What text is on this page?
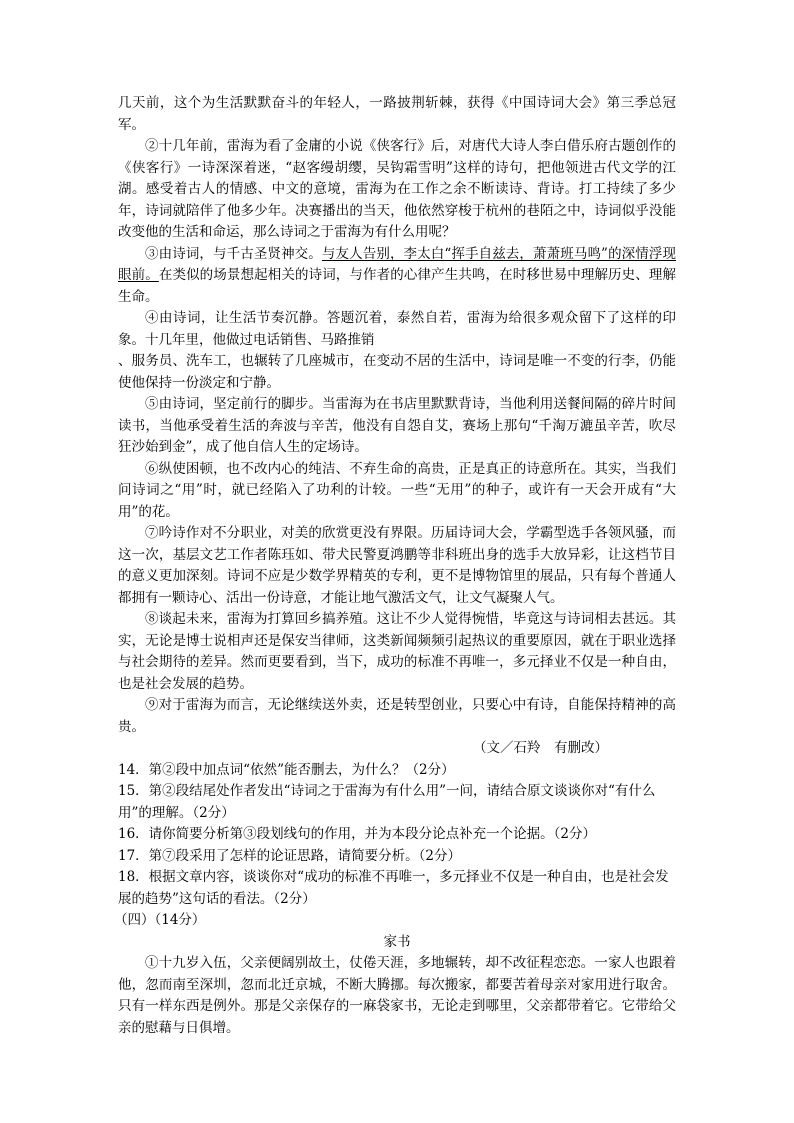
几天前，这个为生活默默奋斗的年轻人，一路披荆斩棘，获得《中国诗词大会》第三季总冠军。

②十几年前，雷海为看了金庸的小说《侠客行》后，对唐代大诗人李白借乐府古题创作的《侠客行》一诗深深着迷，“赵客缦胡缨，吴钩霜雪明”这样的诗句，把他领进古代文学的江湖。感受着古人的情感、中文的意境，雷海为在工作之余不断读诗、背诗。打工持续了多少年，诗词就陪伴了他多少年。决赛播出的当天，他依然穿梭于杭州的巷陌之中，诗词似乎没能改变他的生活和命运，那么诗词之于雷海为有什么用呢？

③由诗词，与千古圣贤神交。与友人告别，李太白“挥手自兹去，萧萧班马鸣”的深情浮现眼前。在类似的场景想起相关的诗词，与作者的心律产生共鸣，在时移世易中理解历史、理解生命。

④由诗词，让生活节奏沉静。答题沉着，泰然自若，雷海为给很多观众留下了这样的印象。十几年里，他做过电话销售、马路推销

、服务员、洗车工，也辗转了几座城市，在变动不居的生活中，诗词是唯一不变的行李，仍能使他保持一份淡定和宁静。

⑤由诗词，坚定前行的脚步。当雷海为在书店里默默背诗，当他利用送餐间隔的碎片时间读书，当他承受着生活的奔波与辛苦，他没有自怨自艾，赛场上那句“千淘万漉虽辛苦，吹尽狂沙始到金”，成了他自信人生的定场诗。

⑥纵使困顿，也不改内心的纯洁、不弃生命的高贵，正是真正的诗意所在。其实，当我们问诗词之“用”时，就已经陷入了功利的计较。一些“无用”的种子，或许有一天会开成有“大用”的花。

⑦吟诗作对不分职业，对美的欣赏更没有界限。历届诗词大会，学霸型选手各领风骚，而这一次，基层文艺工作者陈珏如、带犬民警夏鸿鹏等非科班出身的选手大放异彩，让这档节目的意义更加深刻。诗词不应是少数学界精英的专利，更不是博物馆里的展品，只有每个普通人都拥有一颗诗心、活出一份诗意，才能让地气激活文气，让文气凝聚人气。

⑧谈起未来，雷海为打算回乡搞养殖。这让不少人觉得惋惜，毕竟这与诗词相去甚远。其实，无论是博士说相声还是保安当律师，这类新闻频频引起热议的重要原因，就在于职业选择与社会期待的差异。然而更要看到，当下，成功的标准不再唯一，多元择业不仅是一种自由，也是社会发展的趋势。

⑨对于雷海为而言，无论继续送外卖，还是转型创业，只要心中有诗，自能保持精神的高贵。

（文／石羚　有删改）

14．第②段中加点词“依然”能否删去，为什么？（2分）

15．第②段结尾处作者发出“诗词之于雷海为有什么用”一问，请结合原文谈谈你对“有什么用”的理解。（2分）

16．请你简要分析第③段划线句的作用，并为本段分论点补充一个论据。（2分）

17．第⑦段采用了怎样的论证思路，请简要分析。（2分）

18．根据文章内容，谈谈你对“成功的标准不再唯一，多元择业不仅是一种自由，也是社会发展的趋势”这句话的看法。（2分）

（四）（14分）

家书

①十九岁入伍，父亲便阔别故土，仗倦天涯，多地辗转，却不改征程恋恋。一家人也跟着他，忽而南至深圳，忽而北迁京城，不断大腾挪。每次搬家，都要苦着母亲对家用进行取舍。只有一样东西是例外。那是父亲保存的一麻袋家书，无论走到哪里，父亲都带着它。它带给父亲的慰藉与日俱增。
